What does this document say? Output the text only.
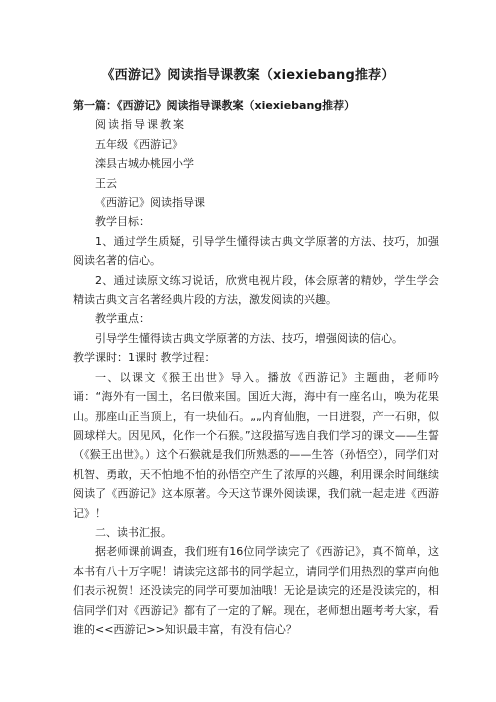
《西游记》阅读指导课教案（xiexiebang推荐）

第一篇：《西游记》阅读指导课教案（xiexiebang推荐）

阅读指导课教案

五年级《西游记》

滦县古城办桃园小学

王云

《西游记》阅读指导课

教学目标：

1、通过学生质疑，引导学生懂得读古典文学原著的方法、技巧，加强阅读名著的信心。

2、通过读原文练习说话，欣赏电视片段，体会原著的精妙，学生学会精读古典文言名著经典片段的方法，激发阅读的兴趣。

教学重点：

引导学生懂得读古典文学原著的方法、技巧，增强阅读的信心。

教学课时：1课时 教学过程：

一、以课文《猴王出世》导入。播放《西游记》主题曲，老师吟诵：“海外有一国土，名曰傲来国。国近大海，海中有一座名山，唤为花果山。那座山正当顶上，有一块仙石。„„内育仙胞，一日迸裂，产一石卵，似圆球样大。因见风，化作一个石猴。”这段描写选自我们学习的课文——生誓（《猴王出世》。）这个石猴就是我们所熟悉的——生答（孙悟空），同学们对机智、勇敢，天不怕地不怕的孙悟空产生了浓厚的兴趣，利用课余时间继续阅读了《西游记》这本原著。今天这节课外阅读课，我们就一起走进《西游记》！

二、读书汇报。

据老师课前调查，我们班有16位同学读完了《西游记》，真不简单，这本书有八十万字呢！请读完这部书的同学起立，请同学们用热烈的掌声向他们表示祝贺！还没读完的同学可要加油哦！无论是读完的还是没读完的，相信同学们对《西游记》都有了一定的了解。现在，老师想出题考考大家，看谁的<<西游记>>知识最丰富，有没有信心？
